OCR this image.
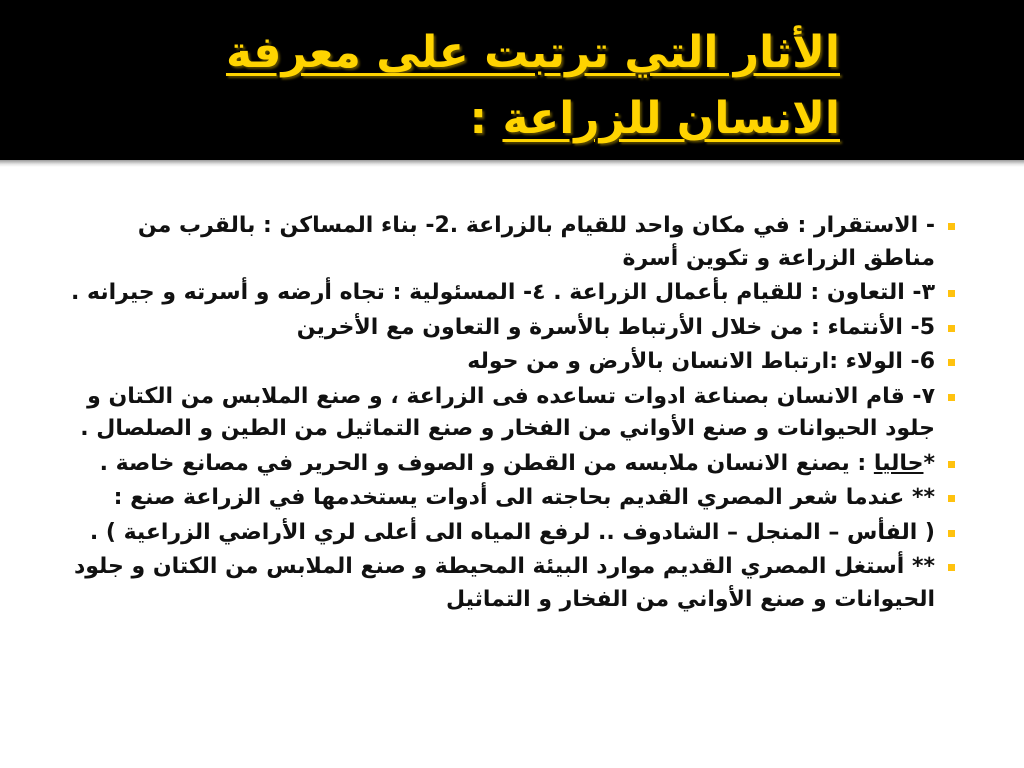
الأثار التي ترتبت على معرفة
الانسان للزراعة :
- الاستقرار : في مكان واحد للقيام بالزراعة .2- بناء المساكن : بالقرب من مناطق الزراعة و تكوين أسرة
٣- التعاون : للقيام بأعمال الزراعة . ٤- المسئولية : تجاه أرضه و أسرته و جيرانه .
5- الأنتماء : من خلال الأرتباط بالأسرة و التعاون مع الأخرين
6- الولاء :ارتباط الانسان بالأرض و من حوله
٧- قام الانسان بصناعة ادوات تساعده فى الزراعة ، و صنع الملابس من الكتان و جلود الحيوانات و صنع الأواني من الفخار و صنع التماثيل من الطين و الصلصال .
*حاليا : يصنع الانسان ملابسه من القطن و الصوف و الحرير في مصانع خاصة .
** عندما شعر المصري القديم بحاجته الى أدوات يستخدمها في الزراعة صنع :
( الفأس – المنجل – الشادوف .. لرفع المياه الى أعلى لري الأراضي الزراعية ) .
** أستغل المصري القديم موارد البيئة المحيطة و صنع الملابس من الكتان و جلود الحيوانات و صنع الأواني من الفخار و التماثيل
